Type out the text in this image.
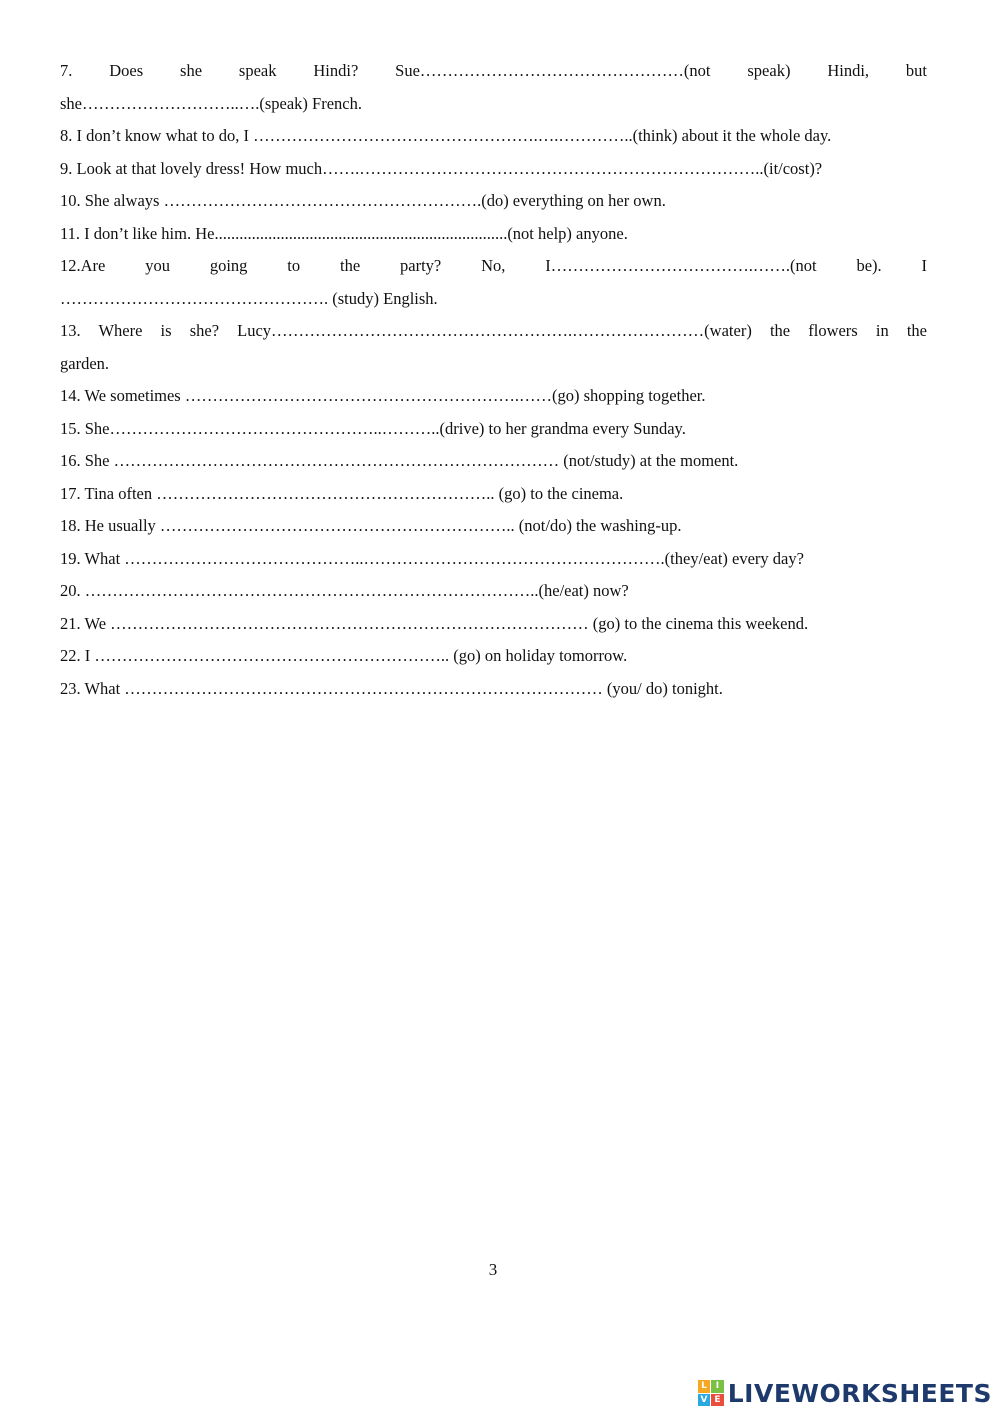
7. Does she speak Hindi? Sue…………………………………………(not speak) Hindi, but
she………………………..….(speak) French.
8. I don’t know what to do, I …………………………………………….….…………..(think) about it the whole day.
9. Look at that lovely dress! How much…….………………………………………………………………..(it/cost)?
10. She always ………………………………………………….(do) everything on her own.
11. I don’t like him. He.......................................................................(not help) anyone.
12.Are you going to the party? No, I……………………………….…….(not be). I
…………………………………………. (study) English.
13. Where is she? Lucy……………………………………………….……………………(water) the flowers in the
garden.
14. We sometimes …………………………………………………….……(go) shopping together.
15. She…………………………………………..………..(drive) to her grandma every Sunday.
16. She ……………………………………………………………………… (not/study) at the moment.
17. Tina often …………………………………………………….. (go) to the cinema.
18. He usually ……………………………………………………….. (not/do) the washing-up.
19. What ……………………………………..……………………………………………….(they/eat) every day?
20. ………………………………………………………………………..(he/eat) now?
21. We …………………………………………………………………………… (go) to the cinema this weekend.
22. I ……………………………………………………….. (go) on holiday tomorrow.
23. What …………………………………………………………………………… (you/ do) tonight.
3
L I
V E LIVEWORKSHEETS
